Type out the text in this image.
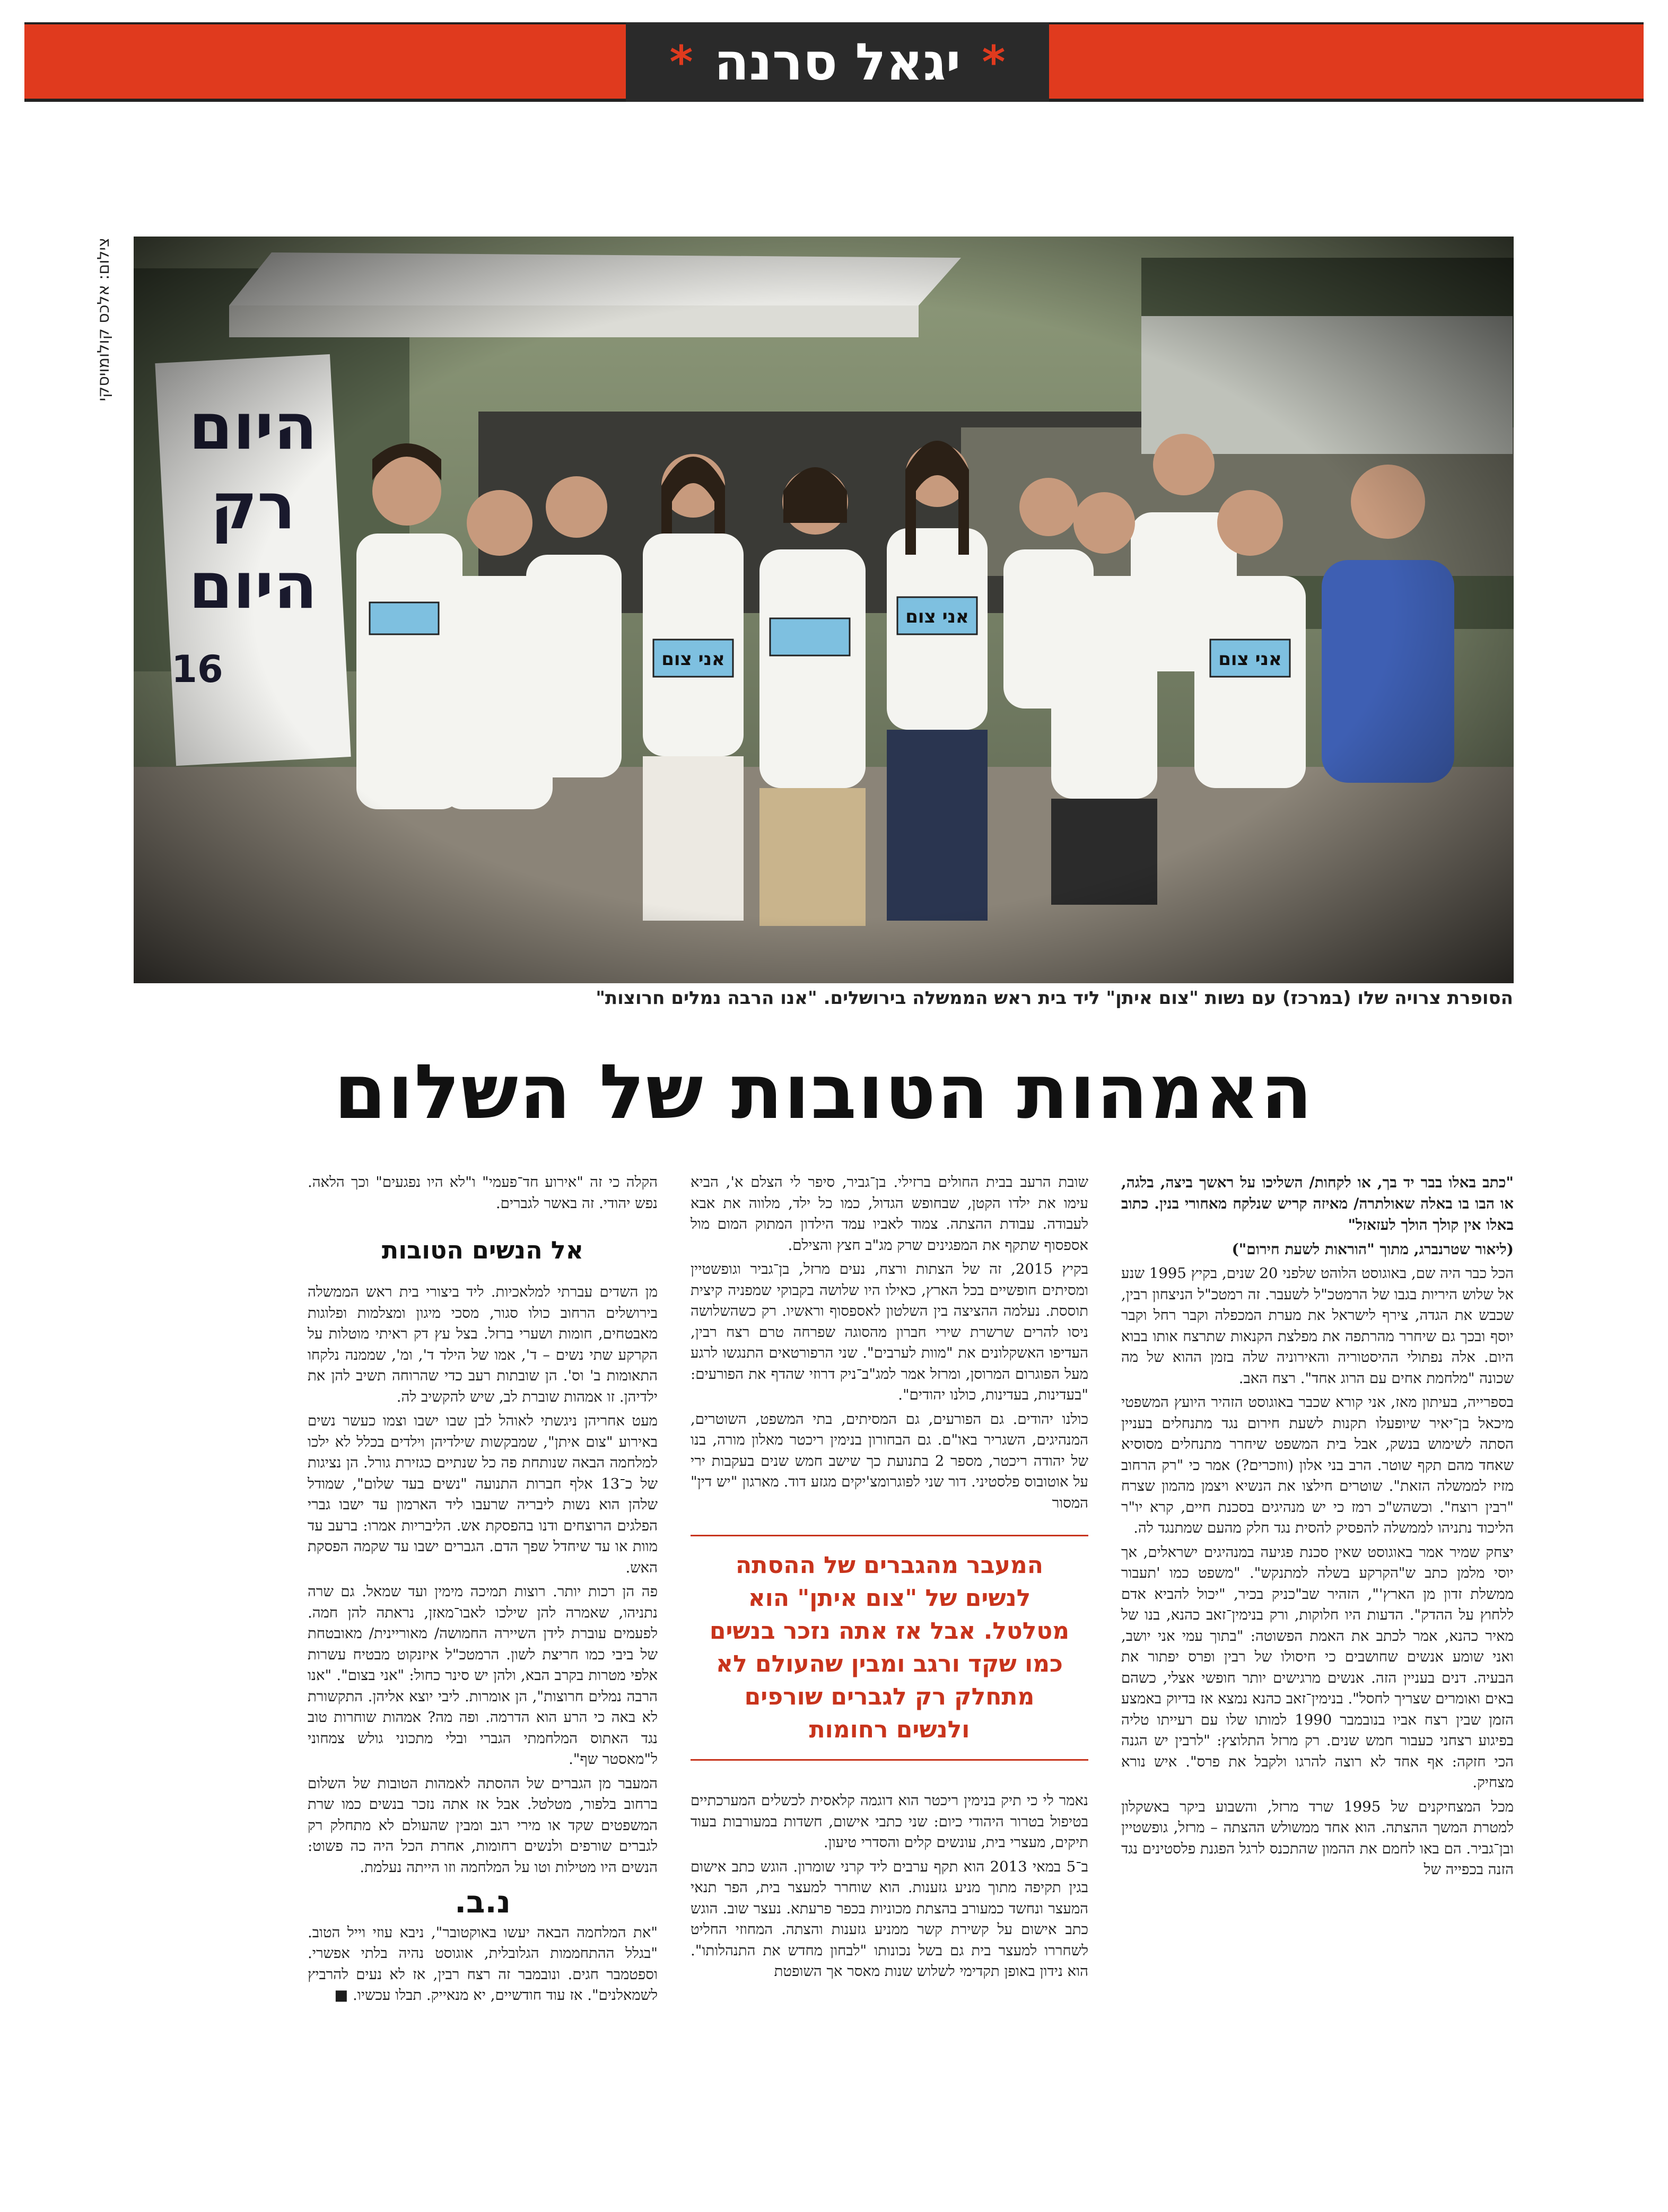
*
יגאל סרנה
*
צילום: אלכס קולומויסקי
הסופרת צרויה שלו (במרכז) עם נשות "צום איתן" ליד בית ראש הממשלה בירושלים. "אנו הרבה נמלים חרוצות"
האמהות הטובות של השלום

"כתב באלו בבר יד בך, או לקחות/ השליכו על ראשך ביצה, בלגה, או הבו בו באלה שאולתרה/ מאיזה קריש שנלקח מאחורי בנין. כתוב באלו אין קולך הולך לעזאזל"

(ליאור שטרנברג, מתוך "הוראות לשעת חירום")

הכל כבר היה שם, באוגוסט הלוהט שלפני 20 שנים, בקיץ 1995 שנע אל שלוש היריות בגבו של הרמטכ"ל לשעבר. זה רמטכ"ל הניצחון רבין, שכבש את הגדה, צירף לישראל את מערת המכפלה וקבר רחל וקבר יוסף ובכך גם שיחרר מהרתפה את מפלצת הקנאות שתרצח אותו בבוא היום. אלה נפתולי ההיסטוריה והאירוניה שלה בזמן ההוא של מה שכונה "מלחמת אחים עם הרוג אחד". רצח האב.

בספרייה, בעיתון מאז, אני קורא שכבר באוגוסט הזהיר היועץ המשפטי מיכאל בן־יאיר שיופעלו תקנות לשעת חירום נגד מתנחלים בעניין הסתה לשימוש בנשק, אבל בית המשפט שיחרר מתנחלים מסוסיא שאחד מהם תקף שוטר. הרב בני אלון (ווזכרים?) אמר כי "רק הרחוב מזיז לממשלה הזאת". שוטרים חילצו את הנשיא ויצמן מהמון שצרח "רבין רוצח". וכשהש"כ רמז כי יש מנהיגים בסכנת חיים, קרא יו"ר הליכוד נתניהו לממשלה להפסיק להסית נגד חלק מהעם שמתנגד לה.

יצחק שמיר אמר באוגוסט שאין סכנת פגיעה במנהיגים ישראלים, אך יוסי מלמן כתב ש"הקרקע בשלה למתנקש". "משפט כמו 'תעבור ממשלת זדון מן הארץ'", הזהיר שב"כניק בכיר, "יכול להביא אדם ללחוץ על ההדק". הדעות היו חלוקות, ורק בנימין־זאב כהנא, בנו של מאיר כהנא, אמר לכתב את האמת הפשוטה: "בתוך עמי אני יושב, ואני שומע אנשים שחושבים כי חיסולו של רבין ופרס יפתור את הבעיה. דנים בעניין הזה. אנשים מרגישים יותר חופשי אצלי, כשהם באים ואומרים שצריך לחסל". בנימין־זאב כהנא נמצא אז בדיוק באמצע הזמן שבין רצח אביו בנובמבר 1990 למותו שלו עם רעייתו טליה בפיגוע רצחני כעבור חמש שנים. רק מרזל התלוצץ: "לרבין יש הגנה הכי חזקה: אף אחד לא רוצה להרגו ולקבל את פרס". איש נורא מצחיק.

מכל המצחיקנים של 1995 שרד מרזל, והשבוע ביקר באשקלון למטרת המשך ההצתה. הוא אחד ממשולש ההצתה – מרזל, גופשטיין ובן־גביר. הם באו לחמם את ההמון שהתכנס לרגל הפגנת פלסטינים נגד הזנה בכפייה של

שובת הרעב בבית החולים ברזילי. בן־גביר, סיפר לי הצלם א', הביא עימו את ילדו הקטן, שבחופש הגדול, כמו כל ילד, מלווה את אבא לעבודה. עבודת ההצתה. צמוד לאביו עמד הילדון המתוק המום מול אספסוף שתקף את המפגינים שרק מג"ב חצץ והצילם.

בקיץ 2015, זה של הצתות ורצח, נעים מרזל, בן־גביר וגופשטיין ומסיתים חופשיים בכל הארץ, כאילו היו שלושה בקבוקי שמפניה קיצית תוססת. נעלמה ההציצה בין השלטון לאספסוף וראשיו. רק כשהשלושה ניסו להרים שרשרת שירי חברון מהסוגה שפרחה טרם רצח רבין, העדיפו האשקלונים את "מוות לערבים". שני הרפורטאים התנגשו לרגע מעל הפוגרום המרוסן, ומרזל אמר למג"ב־ניק דרוזי שהדף את הפורעים: "בעדינות, בעדינות, כולנו יהודים".

כולנו יהודים. גם הפורעים, גם המסיתים, בתי המשפט, השוטרים, המנהיגים, השגריר באו"ם. גם הבחורון בנימין ריכטר מאלון מורה, בנו של יהודה ריכטר, מספר 2 בתנועת כך שישב חמש שנים בעקבות ירי על אוטובוס פלסטיני. דור שני לפוגרומצ'יקים מגזע דוד. מארגון "יש דין" המסור

המעבר מהגברים של ההסתה לנשים של "צום איתן" הוא מטלטל. אבל אז אתה נזכר בנשים כמו שקד ורגב ומבין שהעולם לא מתחלק רק לגברים שורפים ולנשים רחומות

נאמר לי כי תיק בנימין ריכטר הוא דוגמה קלאסית לכשלים המערכתיים בטיפול בטרור היהודי כיום: שני כתבי אישום, חשדות במעורבות בעוד תיקים, מעצרי בית, עונשים קלים והסדרי טיעון.

ב־5 במאי 2013 הוא תקף ערבים ליד קרני שומרון. הוגש כתב אישום בגין תקיפה מתוך מניע גזענות. הוא שוחרר למעצר בית, הפר תנאי המעצר ונחשד כמעורב בהצתת מכוניות בכפר פרעתא. נעצר שוב. הוגש כתב אישום על קשירת קשר ממניע גזענות והצתה. המחוזי החליט לשחררו למעצר בית גם בשל נכונותו "לבחון מחדש את התנהלותו". הוא נידון באופן תקדימי לשלוש שנות מאסר אך השופטת

הקלה כי זה "אירוע חד־פעמי" ו"לא היו נפגעים" וכך הלאה. נפש יהודי. זה באשר לגברים.

אל הנשים הטובות

מן השדים עברתי למלאכיות. ליד ביצורי בית ראש הממשלה בירושלים הרחוב כולו סגור, מסכי מיגון ומצלמות ופלוגות מאבטחים, חומות ושערי ברזל. בצל עץ דק ראיתי מוטלות על הקרקע שתי נשים – ד', אמו של הילד ד', ומ', שממנה נלקחו התאומות ב' וס'. הן שובתות רעב כדי שהרוחה תשיב להן את ילדיהן. זו אמהות שוברת לב, שיש להקשיב לה.

מעט אחריהן ניגשתי לאוהל לבן שבו ישבו וצמו כעשר נשים באירוע "צום איתן", שמבקשות שילדיהן וילדים בכלל לא ילכו למלחמה הבאה שנותחת פה כל שנתיים כגזירת גורל. הן נציגות של כ־13 אלף חברות התנועה "נשים בעד שלום", שמודל שלהן הוא נשות ליבריה שרעבו ליד הארמון עד ישבו גברי הפלגים הרוצחים ודנו בהפסקת אש. הליבריות אמרו: ברעב עד מוות או עד שיחדל שפך הדם. הגברים ישבו עד שקמה הפסקת האש.

פה הן רכות יותר. רוצות תמיכה מימין ועד שמאל. גם שרה נתניהו, שאמרה להן שילכו לאבו־מאזן, נראתה להן חמה. לפעמים עוברת לידן השיירה החמושה/ מאוריינית/ מאובטחת של ביבי כמו חריצת לשון. הרמטכ"ל איזנקוט מבטיח עשרות אלפי מטרות בקרב הבא, ולהן יש סינר כחול: "אני בצום". "אנו הרבה נמלים חרוצות", הן אומרות. ליבי יוצא אליהן. התקשורת לא באה כי הרע הוא הדרמה. ופה מה? אמהות שוחרות טוב נגד האתוס המלחמתי הגברי ובלי מתכוני גולש צמחוני ל"מאסטר שף".

המעבר מן הגברים של ההסתה לאמהות הטובות של השלום ברחוב בלפור, מטלטל. אבל אז אתה נזכר בנשים כמו שרת המשפטים שקד או מירי רגב ומבין שהעולם לא מתחלק רק לגברים שורפים ולנשים רחומות, אחרת הכל היה כה פשוט: הנשים היו מטילות וטו על המלחמה וזו הייתה נעלמת.

נ.ב.

"את המלחמה הבאה יעשו באוקטובר", ניבא עוזי וייל הטוב. "בגלל ההתחממות הגלובלית, אוגוסט נהיה בלתי אפשרי. וספטמבר חגים. ונובמבר זה רצח רבין, אז לא נעים להרביץ לשמאלנים". אז עוד חודשיים, יא מנאייק. תבלו עכשיו. ■
